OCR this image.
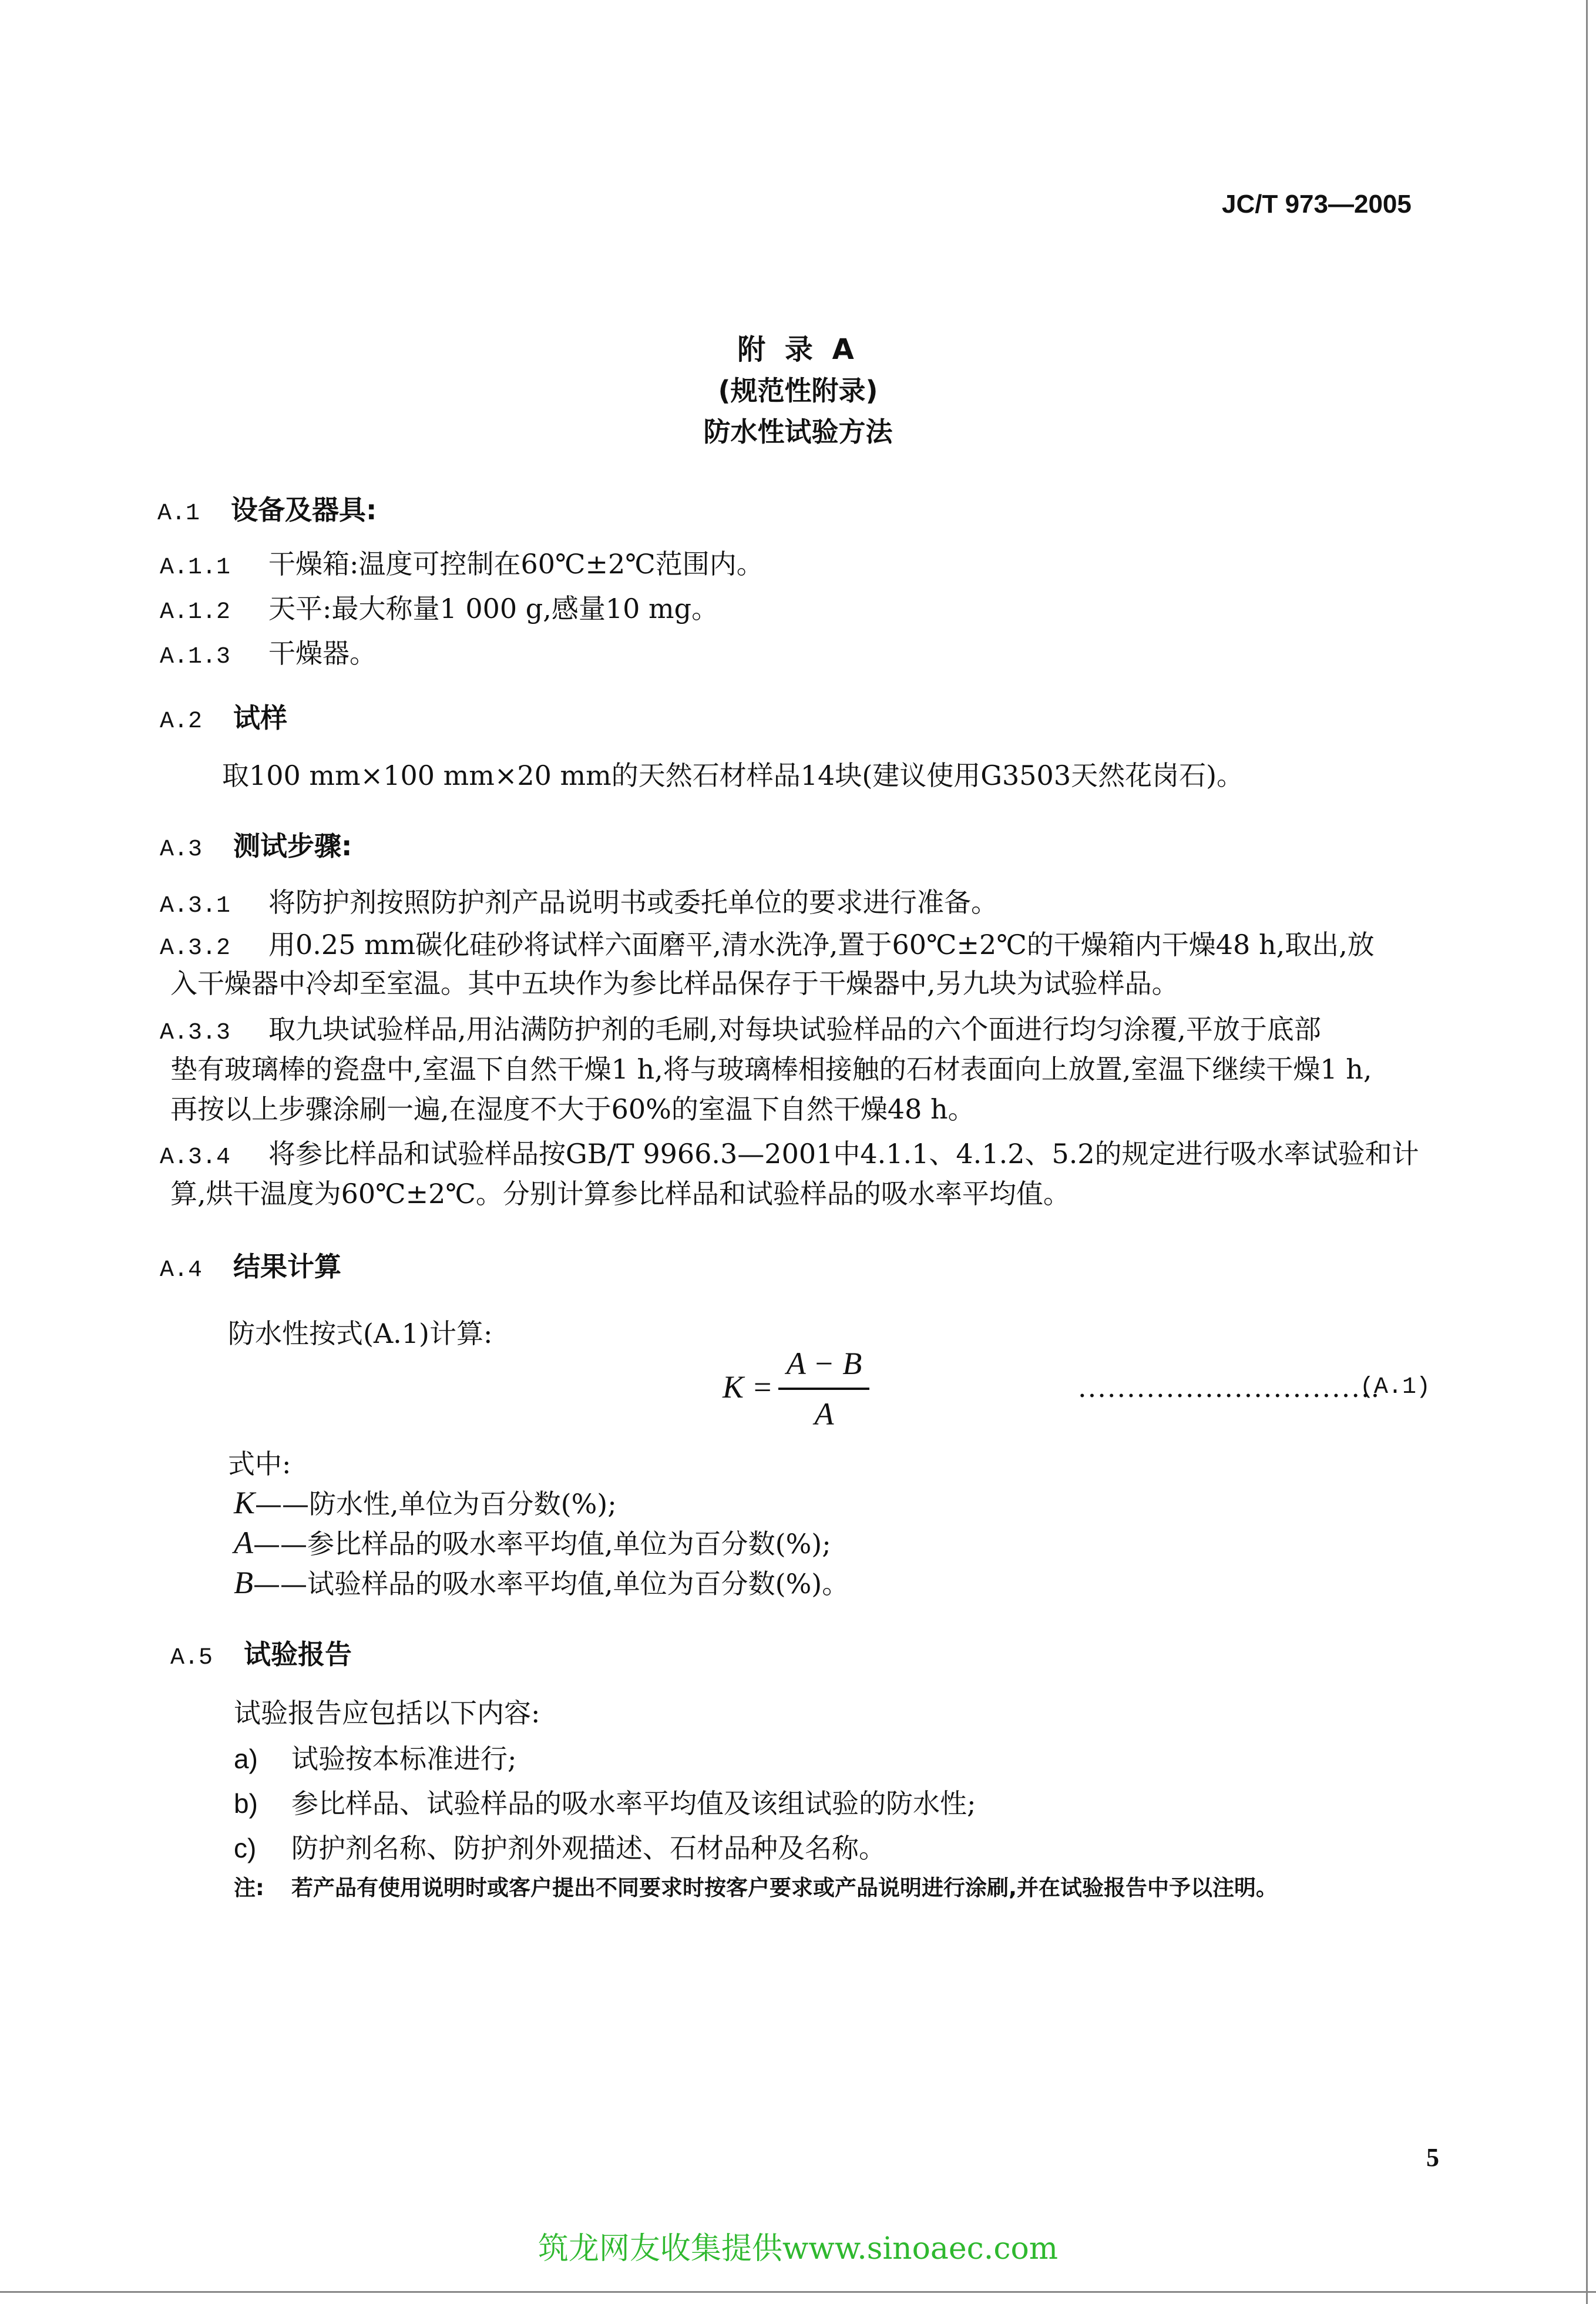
JC/T 973—2005
附 录 A
(规范性附录)
防水性试验方法
A.1 设备及器具:
A.1.1 干燥箱:温度可控制在60℃±2℃范围内。
A.1.2 天平:最大称量1 000 g,感量10 mg。
A.1.3 干燥器。
A.2 试样
取100 mm×100 mm×20 mm的天然石材样品14块(建议使用G3503天然花岗石)。
A.3 测试步骤:
A.3.1 将防护剂按照防护剂产品说明书或委托单位的要求进行准备。
A.3.2 用0.25 mm碳化硅砂将试样六面磨平,清水洗净,置于60℃±2℃的干燥箱内干燥48 h,取出,放
入干燥器中冷却至室温。其中五块作为参比样品保存于干燥器中,另九块为试验样品。
A.3.3 取九块试验样品,用沾满防护剂的毛刷,对每块试验样品的六个面进行均匀涂覆,平放于底部
垫有玻璃棒的瓷盘中,室温下自然干燥1 h,将与玻璃棒相接触的石材表面向上放置,室温下继续干燥1 h,
再按以上步骤涂刷一遍,在湿度不大于60%的室温下自然干燥48 h。
A.3.4 将参比样品和试验样品按GB/T 9966.3—2001中4.1.1、4.1.2、5.2的规定进行吸水率试验和计
算,烘干温度为60℃±2℃。分别计算参比样品和试验样品的吸水率平均值。
A.4 结果计算
防水性按式(A.1)计算:
K =
A − B
A
...............................
(A.1)
式中:
K——防水性,单位为百分数(%);
A——参比样品的吸水率平均值,单位为百分数(%);
B——试验样品的吸水率平均值,单位为百分数(%)。
A.5 试验报告
试验报告应包括以下内容:
a) 试验按本标准进行;
b) 参比样品、试验样品的吸水率平均值及该组试验的防水性;
c) 防护剂名称、防护剂外观描述、石材品种及名称。
注: 若产品有使用说明时或客户提出不同要求时按客户要求或产品说明进行涂刷,并在试验报告中予以注明。
5
筑龙网友收集提供www.sinoaec.com
